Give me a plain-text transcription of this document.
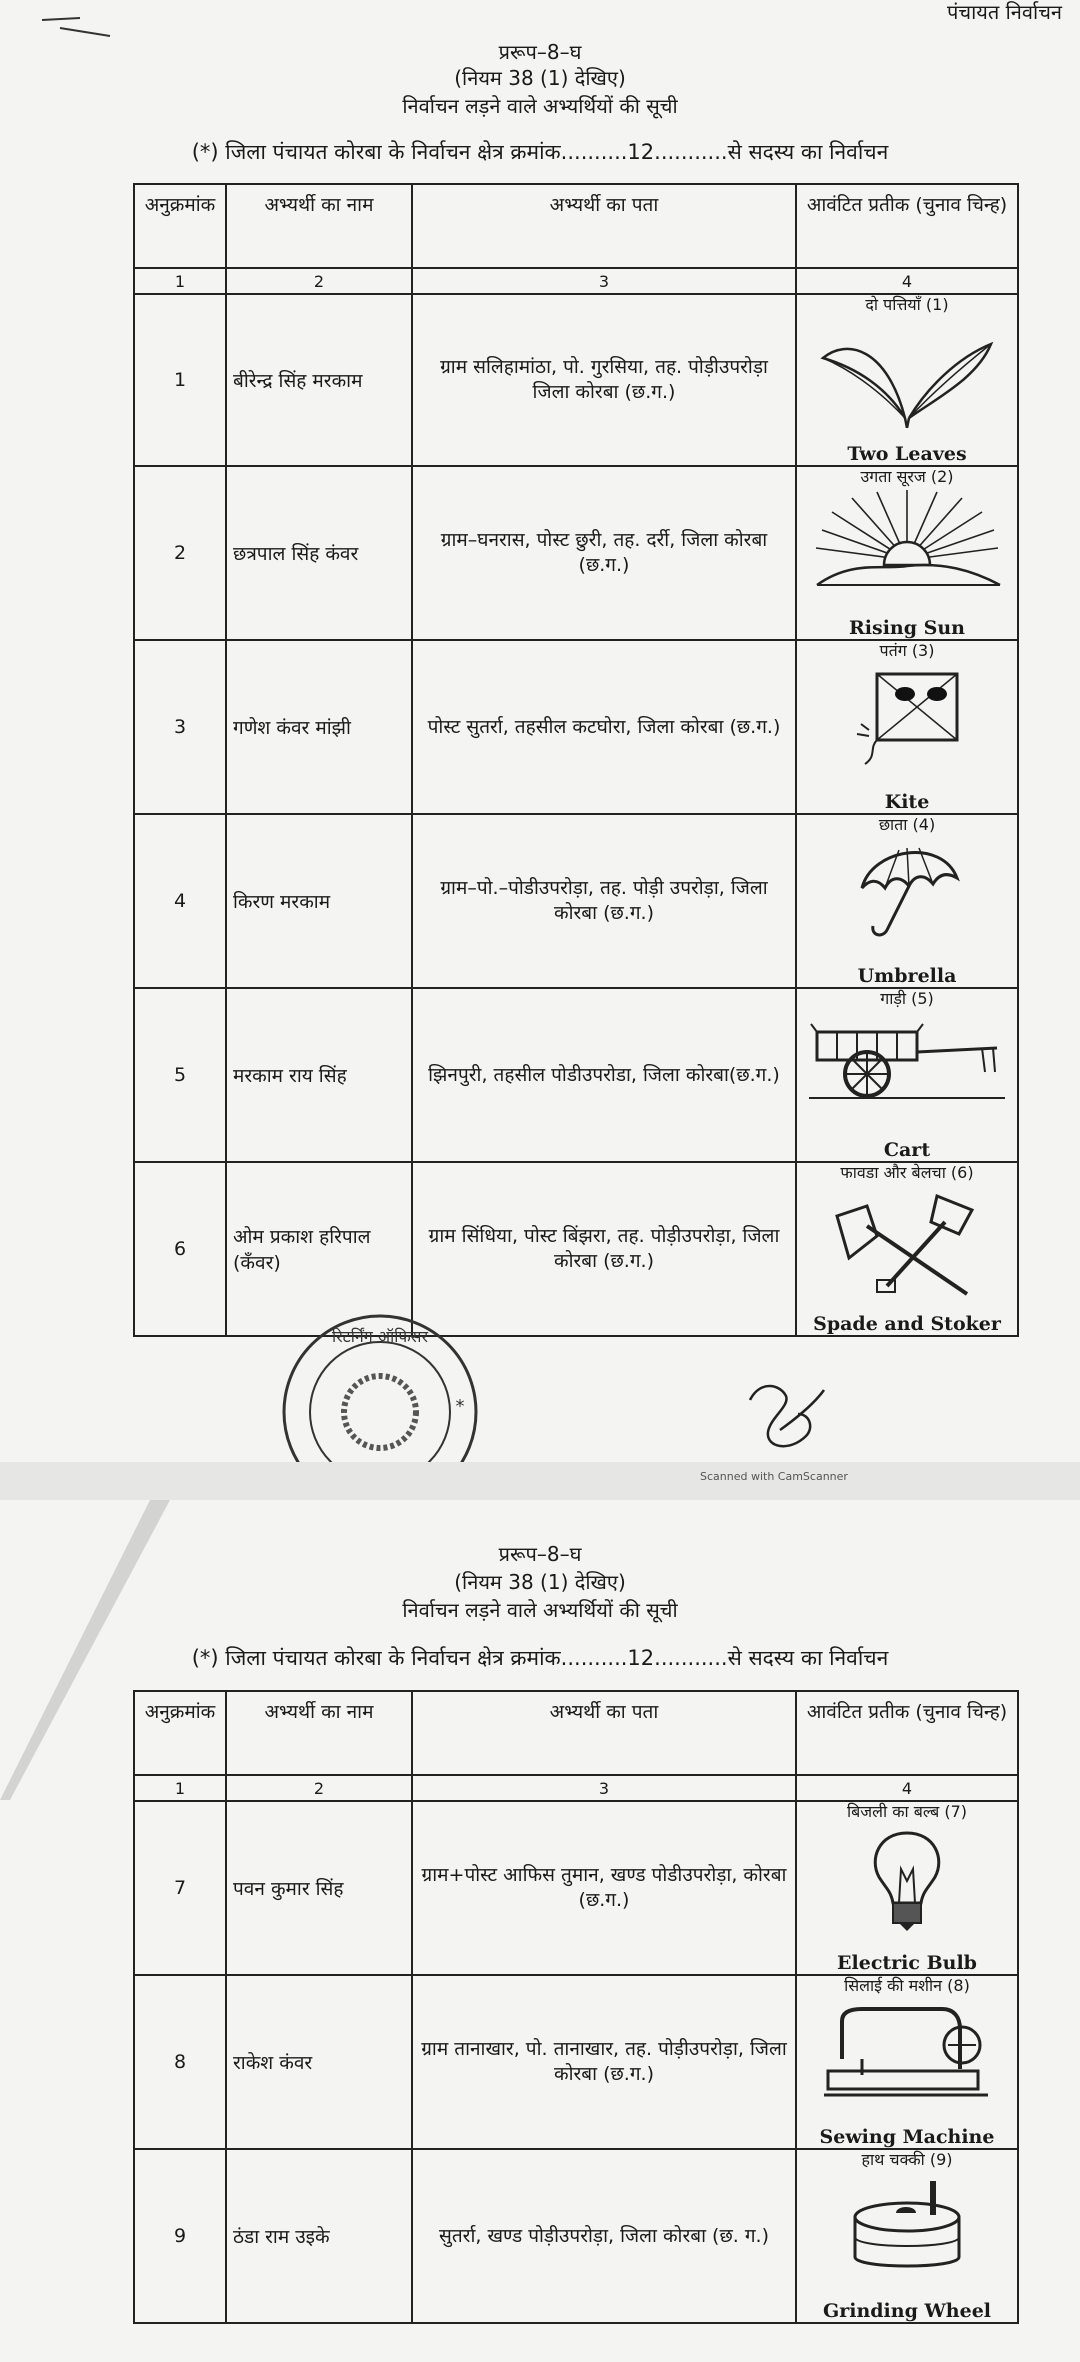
पंचायत निर्वाचन
प्ररूप–8–घ
(नियम 38 (1) देखिए)
निर्वाचन लड़ने वाले अभ्यर्थियों की सूची
(*) जिला पंचायत कोरबा के निर्वाचन क्षेत्र क्रमांक..........12...........से सदस्य का निर्वाचन
अनुक्रमांक	अभ्यर्थी का नाम	अभ्यर्थी का पता	आवंटित प्रतीक (चुनाव चिन्ह)
1	2	3	4
1	बीरेन्द्र सिंह मरकाम	ग्राम सलिहामांठा, पो. गुरसिया, तह. पोड़ीउपरोड़ा जिला कोरबा (छ.ग.)	दो पत्तियाँ (1)
Two Leaves

2	छत्रपाल सिंह कंवर	ग्राम–घनरास, पोस्ट छुरी, तह. दर्री, जिला कोरबा (छ.ग.)	उगता सूरज (2)
Rising Sun

3	गणेश कंवर मांझी	पोस्ट सुतर्रा, तहसील कटघोरा, जिला कोरबा (छ.ग.)	पतंग (3)
Kite

4	किरण मरकाम	ग्राम–पो.–पोडीउपरोड़ा, तह. पोड़ी उपरोड़ा, जिला कोरबा (छ.ग.)	छाता (4)
Umbrella

5	मरकाम राय सिंह	झिनपुरी, तहसील पोडीउपरोडा, जिला कोरबा(छ.ग.)	गाड़ी (5)
Cart

6	ओम प्रकाश हरिपाल (कँवर)	ग्राम सिंधिया, पोस्ट बिंझरा, तह. पोड़ीउपरोड़ा, जिला कोरबा (छ.ग.)	फावडा और बेलचा (6)
Spade and Stoker
रिटर्निंग ऑफिसर
*
Scanned with CamScanner
प्ररूप–8–घ
(नियम 38 (1) देखिए)
निर्वाचन लड़ने वाले अभ्यर्थियों की सूची
(*) जिला पंचायत कोरबा के निर्वाचन क्षेत्र क्रमांक..........12...........से सदस्य का निर्वाचन
अनुक्रमांक	अभ्यर्थी का नाम	अभ्यर्थी का पता	आवंटित प्रतीक (चुनाव चिन्ह)
1	2	3	4
7	पवन कुमार सिंह	ग्राम+पोस्ट आफिस तुमान, खण्ड पोडीउपरोड़ा, कोरबा (छ.ग.)	बिजली का बल्ब (7)
Electric Bulb

8	राकेश कंवर	ग्राम तानाखार, पो. तानाखार, तह. पोड़ीउपरोड़ा, जिला कोरबा (छ.ग.)	सिलाई की मशीन (8)
Sewing Machine

9	ठंडा राम उइके	सुतर्रा, खण्ड पोड़ीउपरोड़ा, जिला कोरबा (छ. ग.)	हाथ चक्की (9)
Grinding Wheel
